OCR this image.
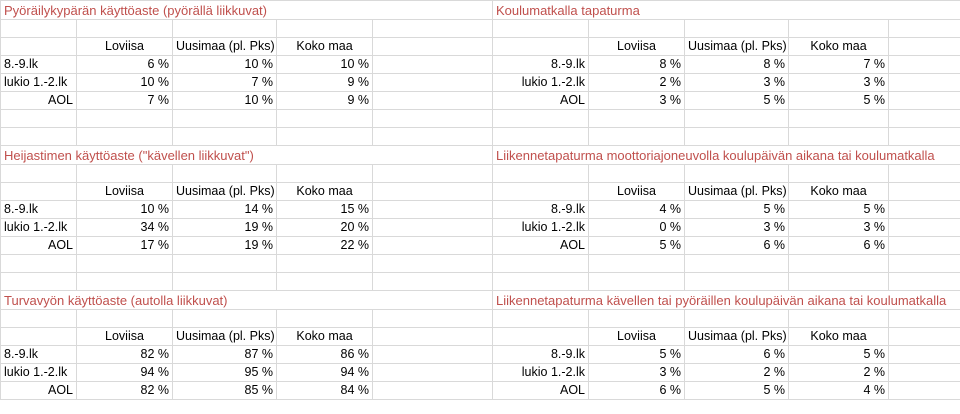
Pyöräilykypärän käyttöaste (pyörällä liikkuvat)					Koulumatkalla tapaturma				

	Loviisa	Uusimaa (pl. Pks)	Koko maa			Loviisa	Uusimaa (pl. Pks)	Koko maa	
8.-9.lk	6 %	10 %	10 %		8.-9.lk	8 %	8 %	7 %	
lukio 1.-2.lk	10 %	7 %	9 %		lukio 1.-2.lk	2 %	3 %	3 %	
AOL	7 %	10 %	9 %		AOL	3 %	5 %	5 %	

Heijastimen käyttöaste ("kävellen liikkuvat")					Liikennetapaturma moottoriajoneuvolla koulupäivän aikana tai koulumatkalla				

	Loviisa	Uusimaa (pl. Pks)	Koko maa			Loviisa	Uusimaa (pl. Pks)	Koko maa	
8.-9.lk	10 %	14 %	15 %		8.-9.lk	4 %	5 %	5 %	
lukio 1.-2.lk	34 %	19 %	20 %		lukio 1.-2.lk	0 %	3 %	3 %	
AOL	17 %	19 %	22 %		AOL	5 %	6 %	6 %	

Turvavyön käyttöaste (autolla liikkuvat)					Liikennetapaturma kävellen tai pyöräillen koulupäivän aikana tai koulumatkalla				

	Loviisa	Uusimaa (pl. Pks)	Koko maa			Loviisa	Uusimaa (pl. Pks)	Koko maa	
8.-9.lk	82 %	87 %	86 %		8.-9.lk	5 %	6 %	5 %	
lukio 1.-2.lk	94 %	95 %	94 %		lukio 1.-2.lk	3 %	2 %	2 %	
AOL	82 %	85 %	84 %		AOL	6 %	5 %	4 %	
